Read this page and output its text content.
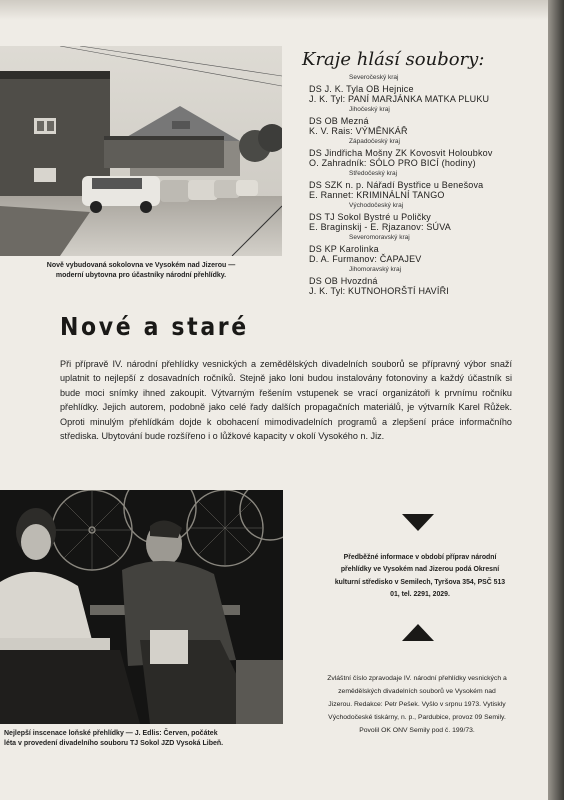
Nově vybudovaná sokolovna ve Vysokém nad Jizerou —

moderní ubytovna pro účastníky národní přehlídky.

Kraje hlásí soubory:
Severočeský kraj
DS J. K. Tyla OB Hejnice
J. K. Tyl: PANÍ MARJÁNKA MATKA PLUKU
Jihočeský kraj
DS OB Mezná
K. V. Rais: VÝMĚNKÁŘ
Západočeský kraj
DS Jindřicha Mošny ZK Kovosvit Holoubkov
O. Zahradník: SÓLO PRO BICÍ (hodiny)
Středočeský kraj
DS SZK n. p. Nářadí Bystřice u Benešova
E. Rannet: KRIMINÁLNÍ TANGO
Východočeský kraj
DS TJ Sokol Bystré u Poličky
E. Braginskij - E. Rjazanov: SÚVA
Severomoravský kraj
DS KP Karolinka
D. A. Furmanov: ČAPAJEV
Jihomoravský kraj
DS OB Hvozdná
J. K. Tyl: KUTNOHORŠTÍ HAVÍŘI
Nové a staré
Při přípravě IV. národní přehlídky vesnických a zemědělských divadelních souborů se přípravný výbor snaží uplatnit to nejlepší z dosavadních ročníků. Stejně jako loni budou instalovány fotonoviny a každý účastník si bude moci snímky ihned zakoupit. Výtvarným řešením vstupenek se vrací organizátoři k prvnímu ročníku přehlídky. Jejich autorem, podobně jako celé řady dalších propagačních materiálů, je výtvarník Karel Růžek. Oproti minulým přehlídkám dojde k obohacení mimodivadelních programů a zlepšení práce informačního střediska. Ubytování bude rozšířeno i o lůžkové kapacity v okolí Vysokého n. Jiz.

Nejlepší inscenace loňské přehlídky — J. Edlis: Červen, počátek

léta v provedení divadelního souboru TJ Sokol JZD Vysoká Libeň.

Předběžné informace v období příprav národní přehlídky ve Vysokém nad Jizerou podá Okresní kulturní středisko v Semilech, Tyršova 354, PSČ 513 01, tel. 2291, 2029.
Zvláštní číslo zpravodaje IV. národní přehlídky vesnických a zemědělských divadelních souborů ve Vysokém nad Jizerou. Redakce: Petr Pešek. Vyšlo v srpnu 1973. Vytiskly Východočeské tiskárny, n. p., Pardubice, provoz 09 Semily. Povolil OK ONV Semily pod č. 199/73.
